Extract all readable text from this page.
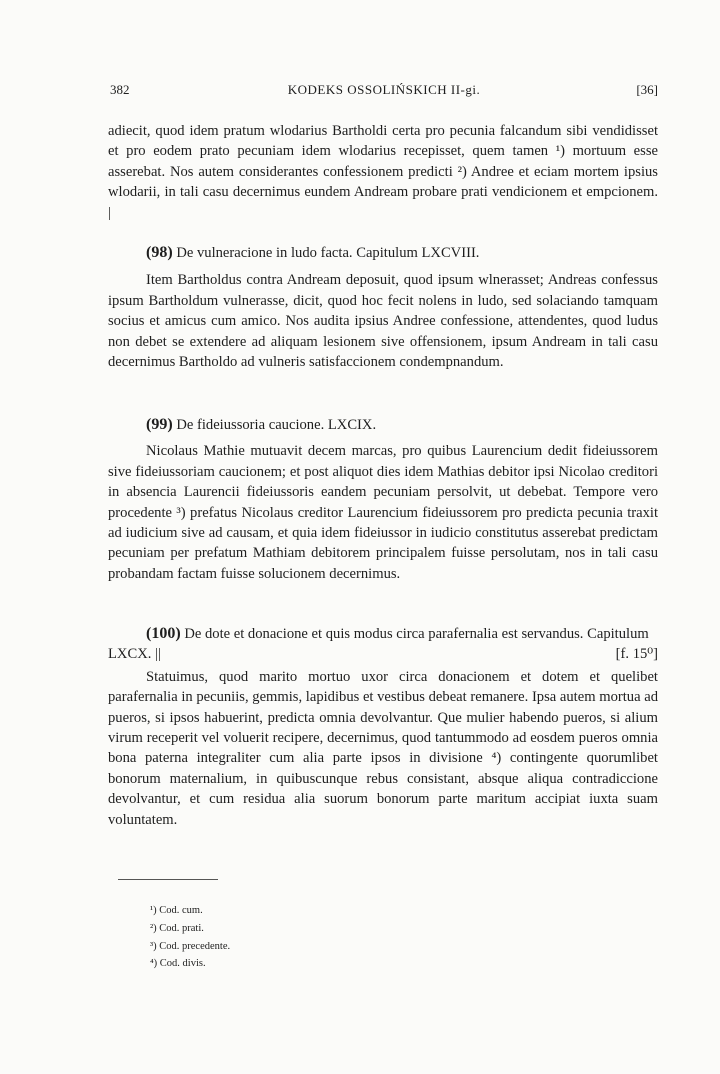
382	KODEKS OSSOLIŃSKICH II-gi.	[36]

adiecit, quod idem pratum wlodarius Bartholdi certa pro pecunia falcandum sibi vendidisset et pro eodem prato pecuniam idem wlodarius recepisset, quem tamen ¹) mortuum esse asserebat. Nos autem considerantes confessionem predicti ²) Andree et eciam mortem ipsius wlodarii, in tali casu decernimus eundem Andream probare prati vendicionem et empcionem. |

(98) De vulneracione in ludo facta. Capitulum LXCVIII.

Item Bartholdus contra Andream deposuit, quod ipsum wlnerasset; Andreas confessus ipsum Bartholdum vulnerasse, dicit, quod hoc fecit nolens in ludo, sed solaciando tamquam socius et amicus cum amico. Nos audita ipsius Andree confessione, attendentes, quod ludus non debet se extendere ad aliquam lesionem sive offensionem, ipsum Andream in tali casu decernimus Bartholdo ad vulneris satisfaccionem condempnandum.

(99) De fideiussoria caucione. LXCIX.

Nicolaus Mathie mutuavit decem marcas, pro quibus Laurencium dedit fideiussorem sive fideiussoriam caucionem; et post aliquot dies idem Mathias debitor ipsi Nicolao creditori in absencia Laurencii fideiussoris eandem pecuniam persolvit, ut debebat. Tempore vero procedente ³) prefatus Nicolaus creditor Laurencium fideiussorem pro predicta pecunia traxit ad iudicium sive ad causam, et quia idem fideiussor in iudicio constitutus asserebat predictam pecuniam per prefatum Mathiam debitorem principalem fuisse persolutam, nos in tali casu probandam factam fuisse solucionem decernimus.

(100) De dote et donacione et quis modus circa parafernalia est servandus. Capitulum LXCX. ||	[f. 15⁰]

Statuimus, quod marito mortuo uxor circa donacionem et dotem et quelibet parafernalia in pecuniis, gemmis, lapidibus et vestibus debeat remanere. Ipsa autem mortua ad pueros, si ipsos habuerint, predicta omnia devolvantur. Que mulier habendo pueros, si alium virum receperit vel voluerit recipere, decernimus, quod tantummodo ad eosdem pueros omnia bona paterna integraliter cum alia parte ipsos in divisione ⁴) contingente quorumlibet bonorum maternalium, in quibuscunque rebus consistant, absque aliqua contradiccione devolvantur, et cum residua alia suorum bonorum parte maritum accipiat iuxta suam voluntatem.

¹) Cod. cum.
²) Cod. prati.
³) Cod. precedente.
⁴) Cod. divis.
